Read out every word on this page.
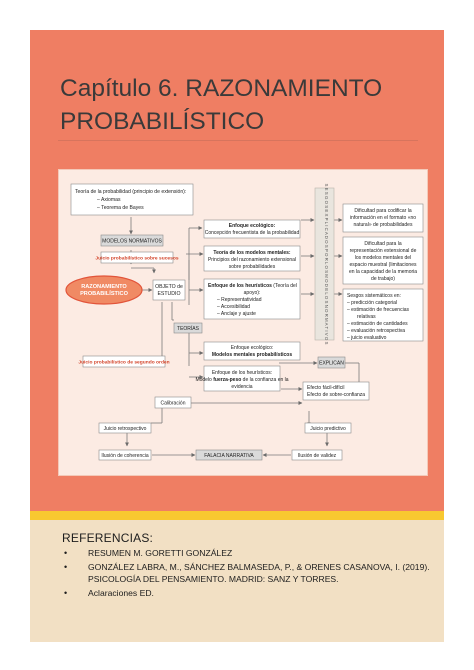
Capítulo 6. RAZONAMIENTO
PROBABILÍSTICO
Teoría de la probabilidad (principio de extensión):
– Axiomas
– Teorema de Bayes
MODELOS NORMATIVOS
Juicio probabilístico sobre sucesos
RAZONAMIENTO
PROBABILÍSTICO
OBJETO de
ESTUDIO
TEORÍAS
Juicio probabilístico de segundo orden
Enfoque ecológico:
Concepción frecuentista de la probabilidad
Teoría de los modelos mentales:
Principios del razonamiento extensional
sobre probabilidades
Enfoque de los heurísticos (Teoría del
apoyo):
– Representatividad
– Accesibilidad
– Anclaje y ajuste
Enfoque ecológico:
Modelos mentales probabilísticos
Enfoque de los heurísticos:
Modelo fuerza-peso de la confianza en la
evidencia
S E S G O S E X P L I C A D O S P O R L O S M O D E L O S N O R M A T I V O S	Dificultad para codificar la
información en el formato «no
natural» de probabilidades
Dificultad para la
representación extensional de
los modelos mentales del
espacio muestral (limitaciones
en la capacidad de la memoria
de trabajo)
Sesgos sistemáticos en:
– predicción categorial
– estimación de frecuencias
relativas
– estimación de cantidades
– evaluación retrospectiva
– juicio evaluativo
EXPLICAN
Calibración
Efecto fácil-difícil
Efecto de sobre-confianza
Juicio retrospectivo	Juicio predictivo
Ilusión de coherencia	FALACIA NARRATIVA	Ilusión de validez
REFERENCIAS:
• RESUMEN M. GORETTI GONZÁLEZ
• GONZÁLEZ LABRA, M., SÁNCHEZ BALMASEDA, P., & ORENES CASANOVA, I. (2019). PSICOLOGÍA DEL PENSAMIENTO. MADRID: SANZ Y TORRES.
• Aclaraciones ED.
